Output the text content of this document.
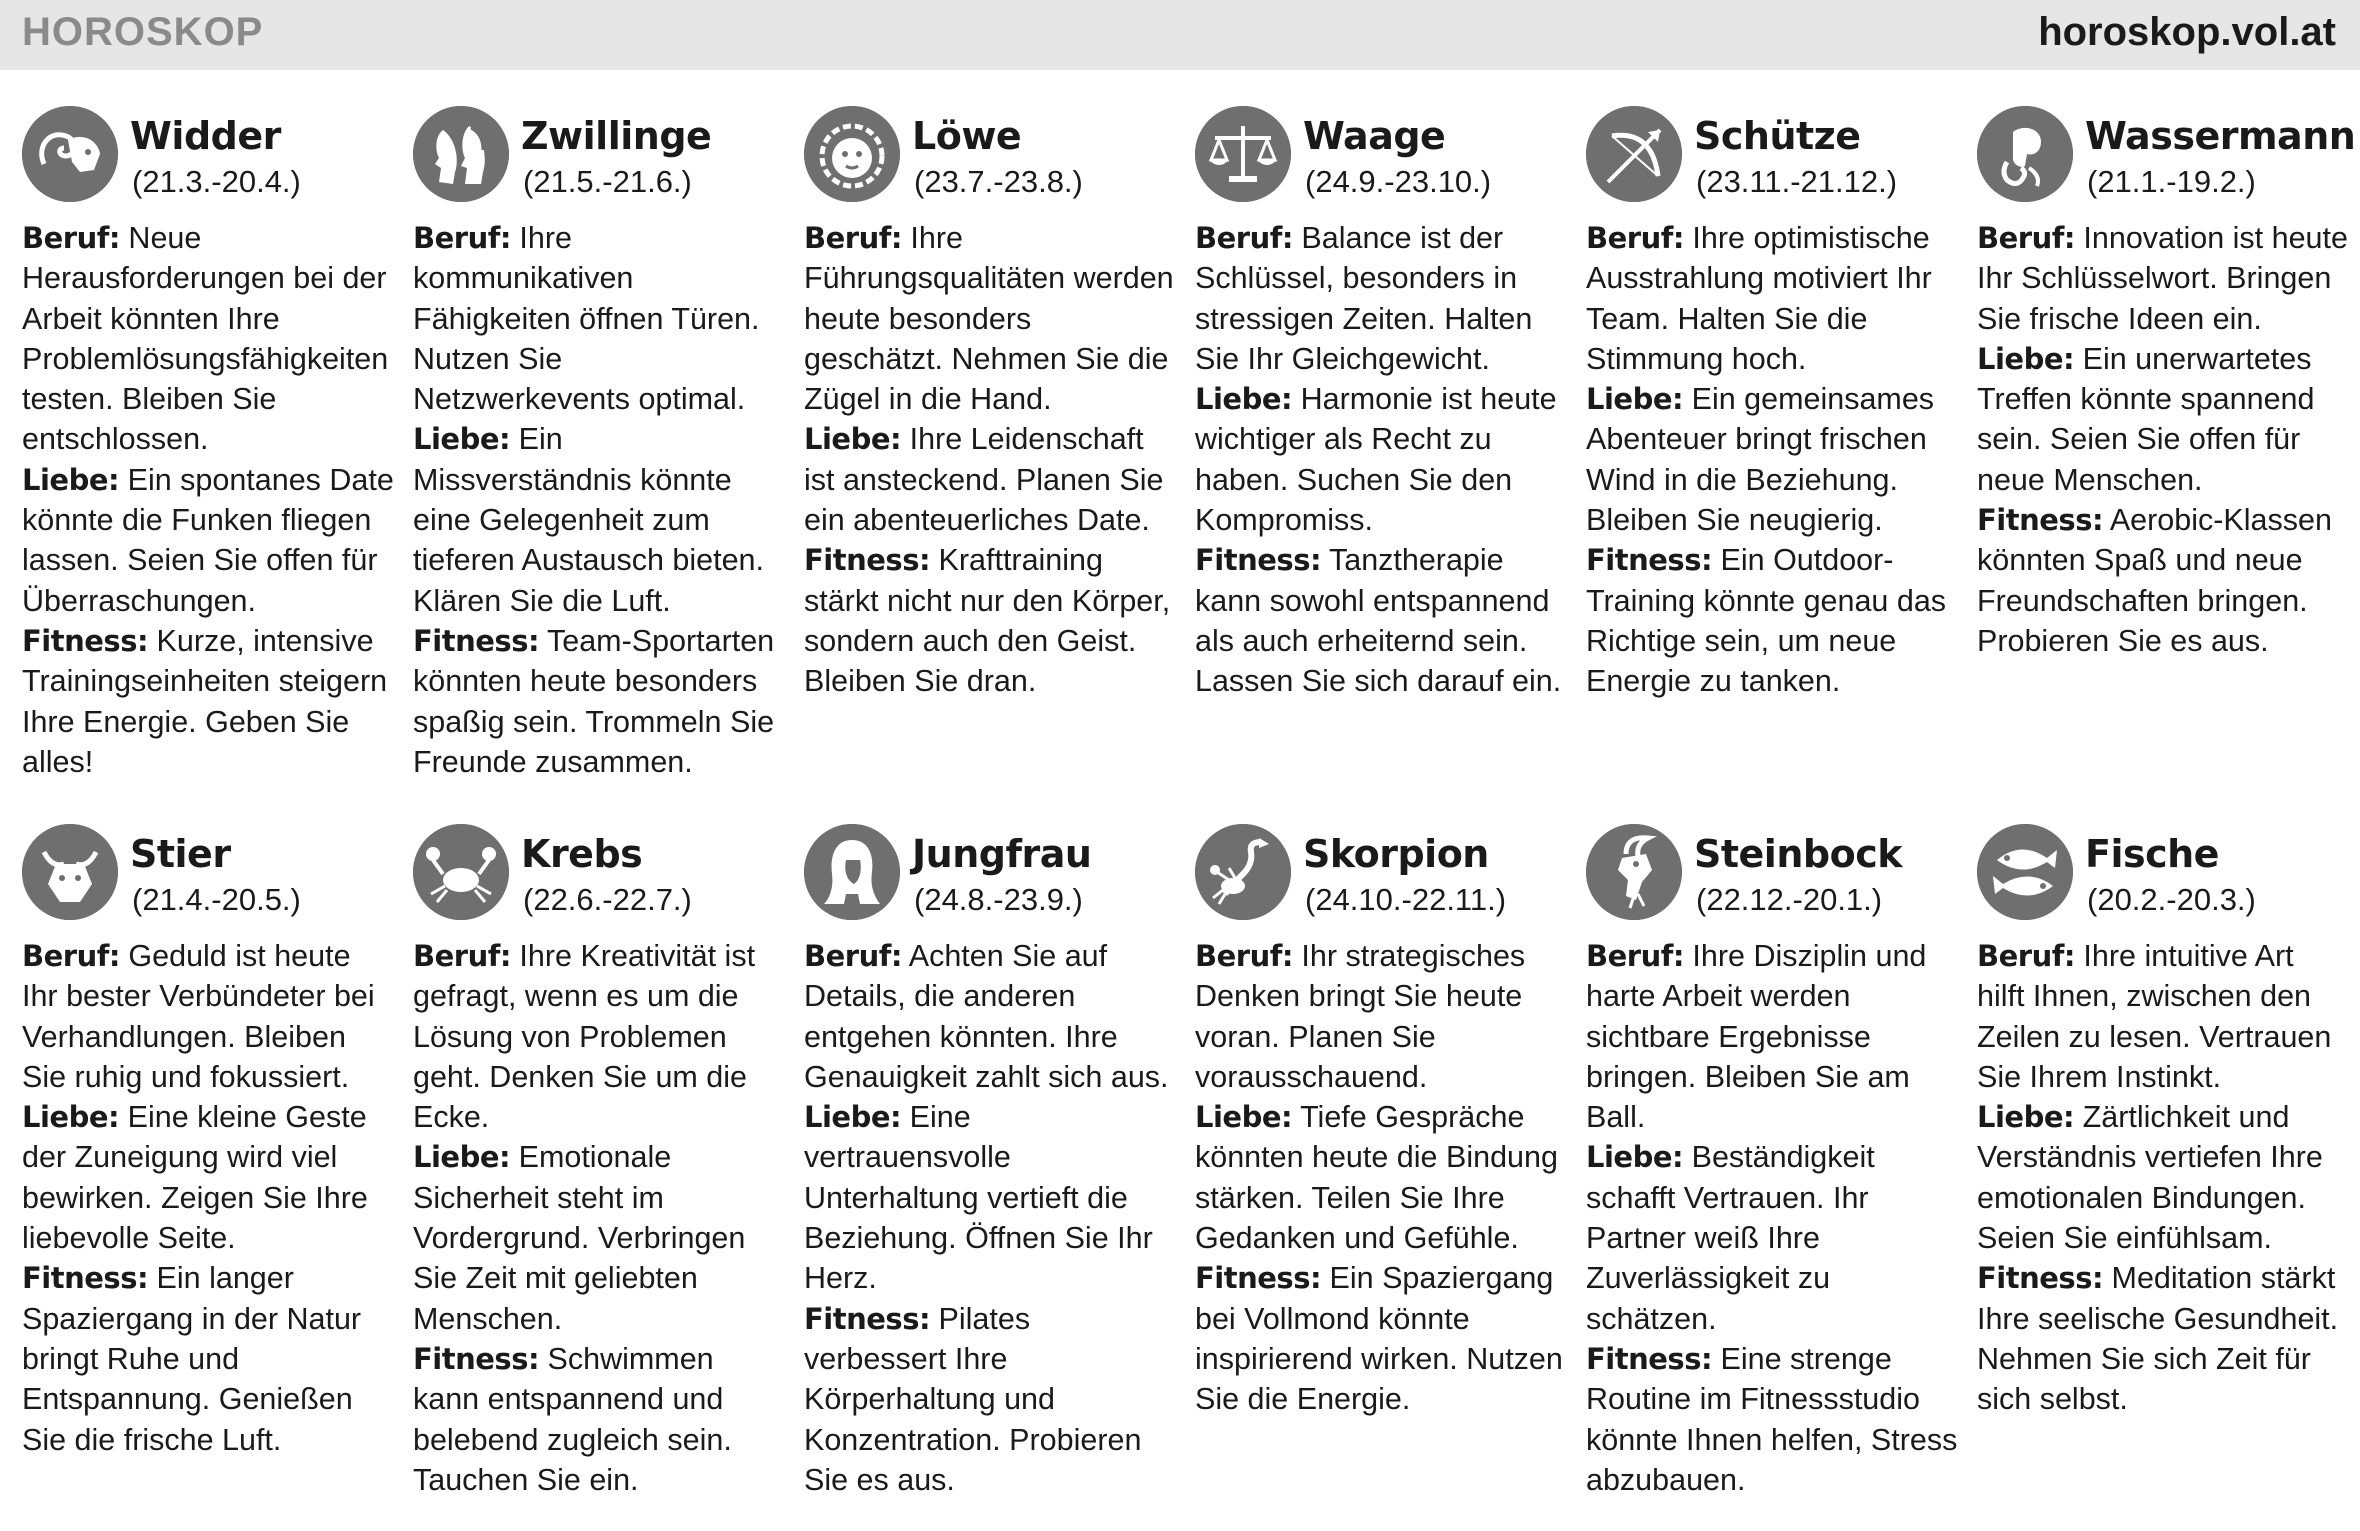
HOROSKOP	horoskop.vol.at
Widder
(21.3.-20.4.)

Beruf: Neue Herausforderungen bei der Arbeit könnten Ihre Problemlösungsfähigkeiten testen. Bleiben Sie entschlossen.

Liebe: Ein spontanes Date könnte die Funken fliegen lassen. Seien Sie offen für Überraschungen.

Fitness: Kurze, intensive Trainingseinheiten steigern Ihre Energie. Geben Sie alles!

Zwillinge
(21.5.-21.6.)

Beruf: Ihre kommunikativen Fähigkeiten öffnen Türen. Nutzen Sie Netzwerkevents optimal.

Liebe: Ein Missverständnis könnte eine Gelegenheit zum tieferen Austausch bieten. Klären Sie die Luft.

Fitness: Team-Sportarten könnten heute besonders spaßig sein. Trommeln Sie Freunde zusammen.

Löwe
(23.7.-23.8.)

Beruf: Ihre Führungsqualitäten werden heute besonders geschätzt. Nehmen Sie die Zügel in die Hand.

Liebe: Ihre Leidenschaft ist ansteckend. Planen Sie ein abenteuerliches Date.

Fitness: Krafttraining stärkt nicht nur den Körper, sondern auch den Geist. Bleiben Sie dran.

Waage
(24.9.-23.10.)

Beruf: Balance ist der Schlüssel, besonders in stressigen Zeiten. Halten Sie Ihr Gleichgewicht.

Liebe: Harmonie ist heute wichtiger als Recht zu haben. Suchen Sie den Kompromiss.

Fitness: Tanztherapie kann sowohl entspannend als auch erheiternd sein. Lassen Sie sich darauf ein.

Schütze
(23.11.-21.12.)

Beruf: Ihre optimistische Ausstrahlung motiviert Ihr Team. Halten Sie die Stimmung hoch.

Liebe: Ein gemeinsames Abenteuer bringt frischen Wind in die Beziehung. Bleiben Sie neugierig.

Fitness: Ein Outdoor-Training könnte genau das Richtige sein, um neue Energie zu tanken.

Wassermann
(21.1.-19.2.)

Beruf: Innovation ist heute Ihr Schlüsselwort. Bringen Sie frische Ideen ein.

Liebe: Ein unerwartetes Treffen könnte spannend sein. Seien Sie offen für neue Menschen.

Fitness: Aerobic-Klassen könnten Spaß und neue Freundschaften bringen. Probieren Sie es aus.

Stier
(21.4.-20.5.)

Beruf: Geduld ist heute Ihr bester Verbündeter bei Verhandlungen. Bleiben Sie ruhig und fokussiert.

Liebe: Eine kleine Geste der Zuneigung wird viel bewirken. Zeigen Sie Ihre liebevolle Seite.

Fitness: Ein langer Spaziergang in der Natur bringt Ruhe und Entspannung. Genießen Sie die frische Luft.

Krebs
(22.6.-22.7.)

Beruf: Ihre Kreativität ist gefragt, wenn es um die Lösung von Problemen geht. Denken Sie um die Ecke.

Liebe: Emotionale Sicherheit steht im Vordergrund. Verbringen Sie Zeit mit geliebten Menschen.

Fitness: Schwimmen kann entspannend und belebend zugleich sein. Tauchen Sie ein.

Jungfrau
(24.8.-23.9.)

Beruf: Achten Sie auf Details, die anderen entgehen könnten. Ihre Genauigkeit zahlt sich aus.

Liebe: Eine vertrauensvolle Unterhaltung vertieft die Beziehung. Öffnen Sie Ihr Herz.

Fitness: Pilates verbessert Ihre Körperhaltung und Konzentration. Probieren Sie es aus.

Skorpion
(24.10.-22.11.)

Beruf: Ihr strategisches Denken bringt Sie heute voran. Planen Sie vorausschauend.

Liebe: Tiefe Gespräche könnten heute die Bindung stärken. Teilen Sie Ihre Gedanken und Gefühle.

Fitness: Ein Spaziergang bei Vollmond könnte inspirierend wirken. Nutzen Sie die Energie.

Steinbock
(22.12.-20.1.)

Beruf: Ihre Disziplin und harte Arbeit werden sichtbare Ergebnisse bringen. Bleiben Sie am Ball.

Liebe: Beständigkeit schafft Vertrauen. Ihr Partner weiß Ihre Zuverlässigkeit zu schätzen.

Fitness: Eine strenge Routine im Fitnessstudio könnte Ihnen helfen, Stress abzubauen.

Fische
(20.2.-20.3.)

Beruf: Ihre intuitive Art hilft Ihnen, zwischen den Zeilen zu lesen. Vertrauen Sie Ihrem Instinkt.

Liebe: Zärtlichkeit und Verständnis vertiefen Ihre emotionalen Bindungen. Seien Sie einfühlsam.

Fitness: Meditation stärkt Ihre seelische Gesundheit. Nehmen Sie sich Zeit für sich selbst.
